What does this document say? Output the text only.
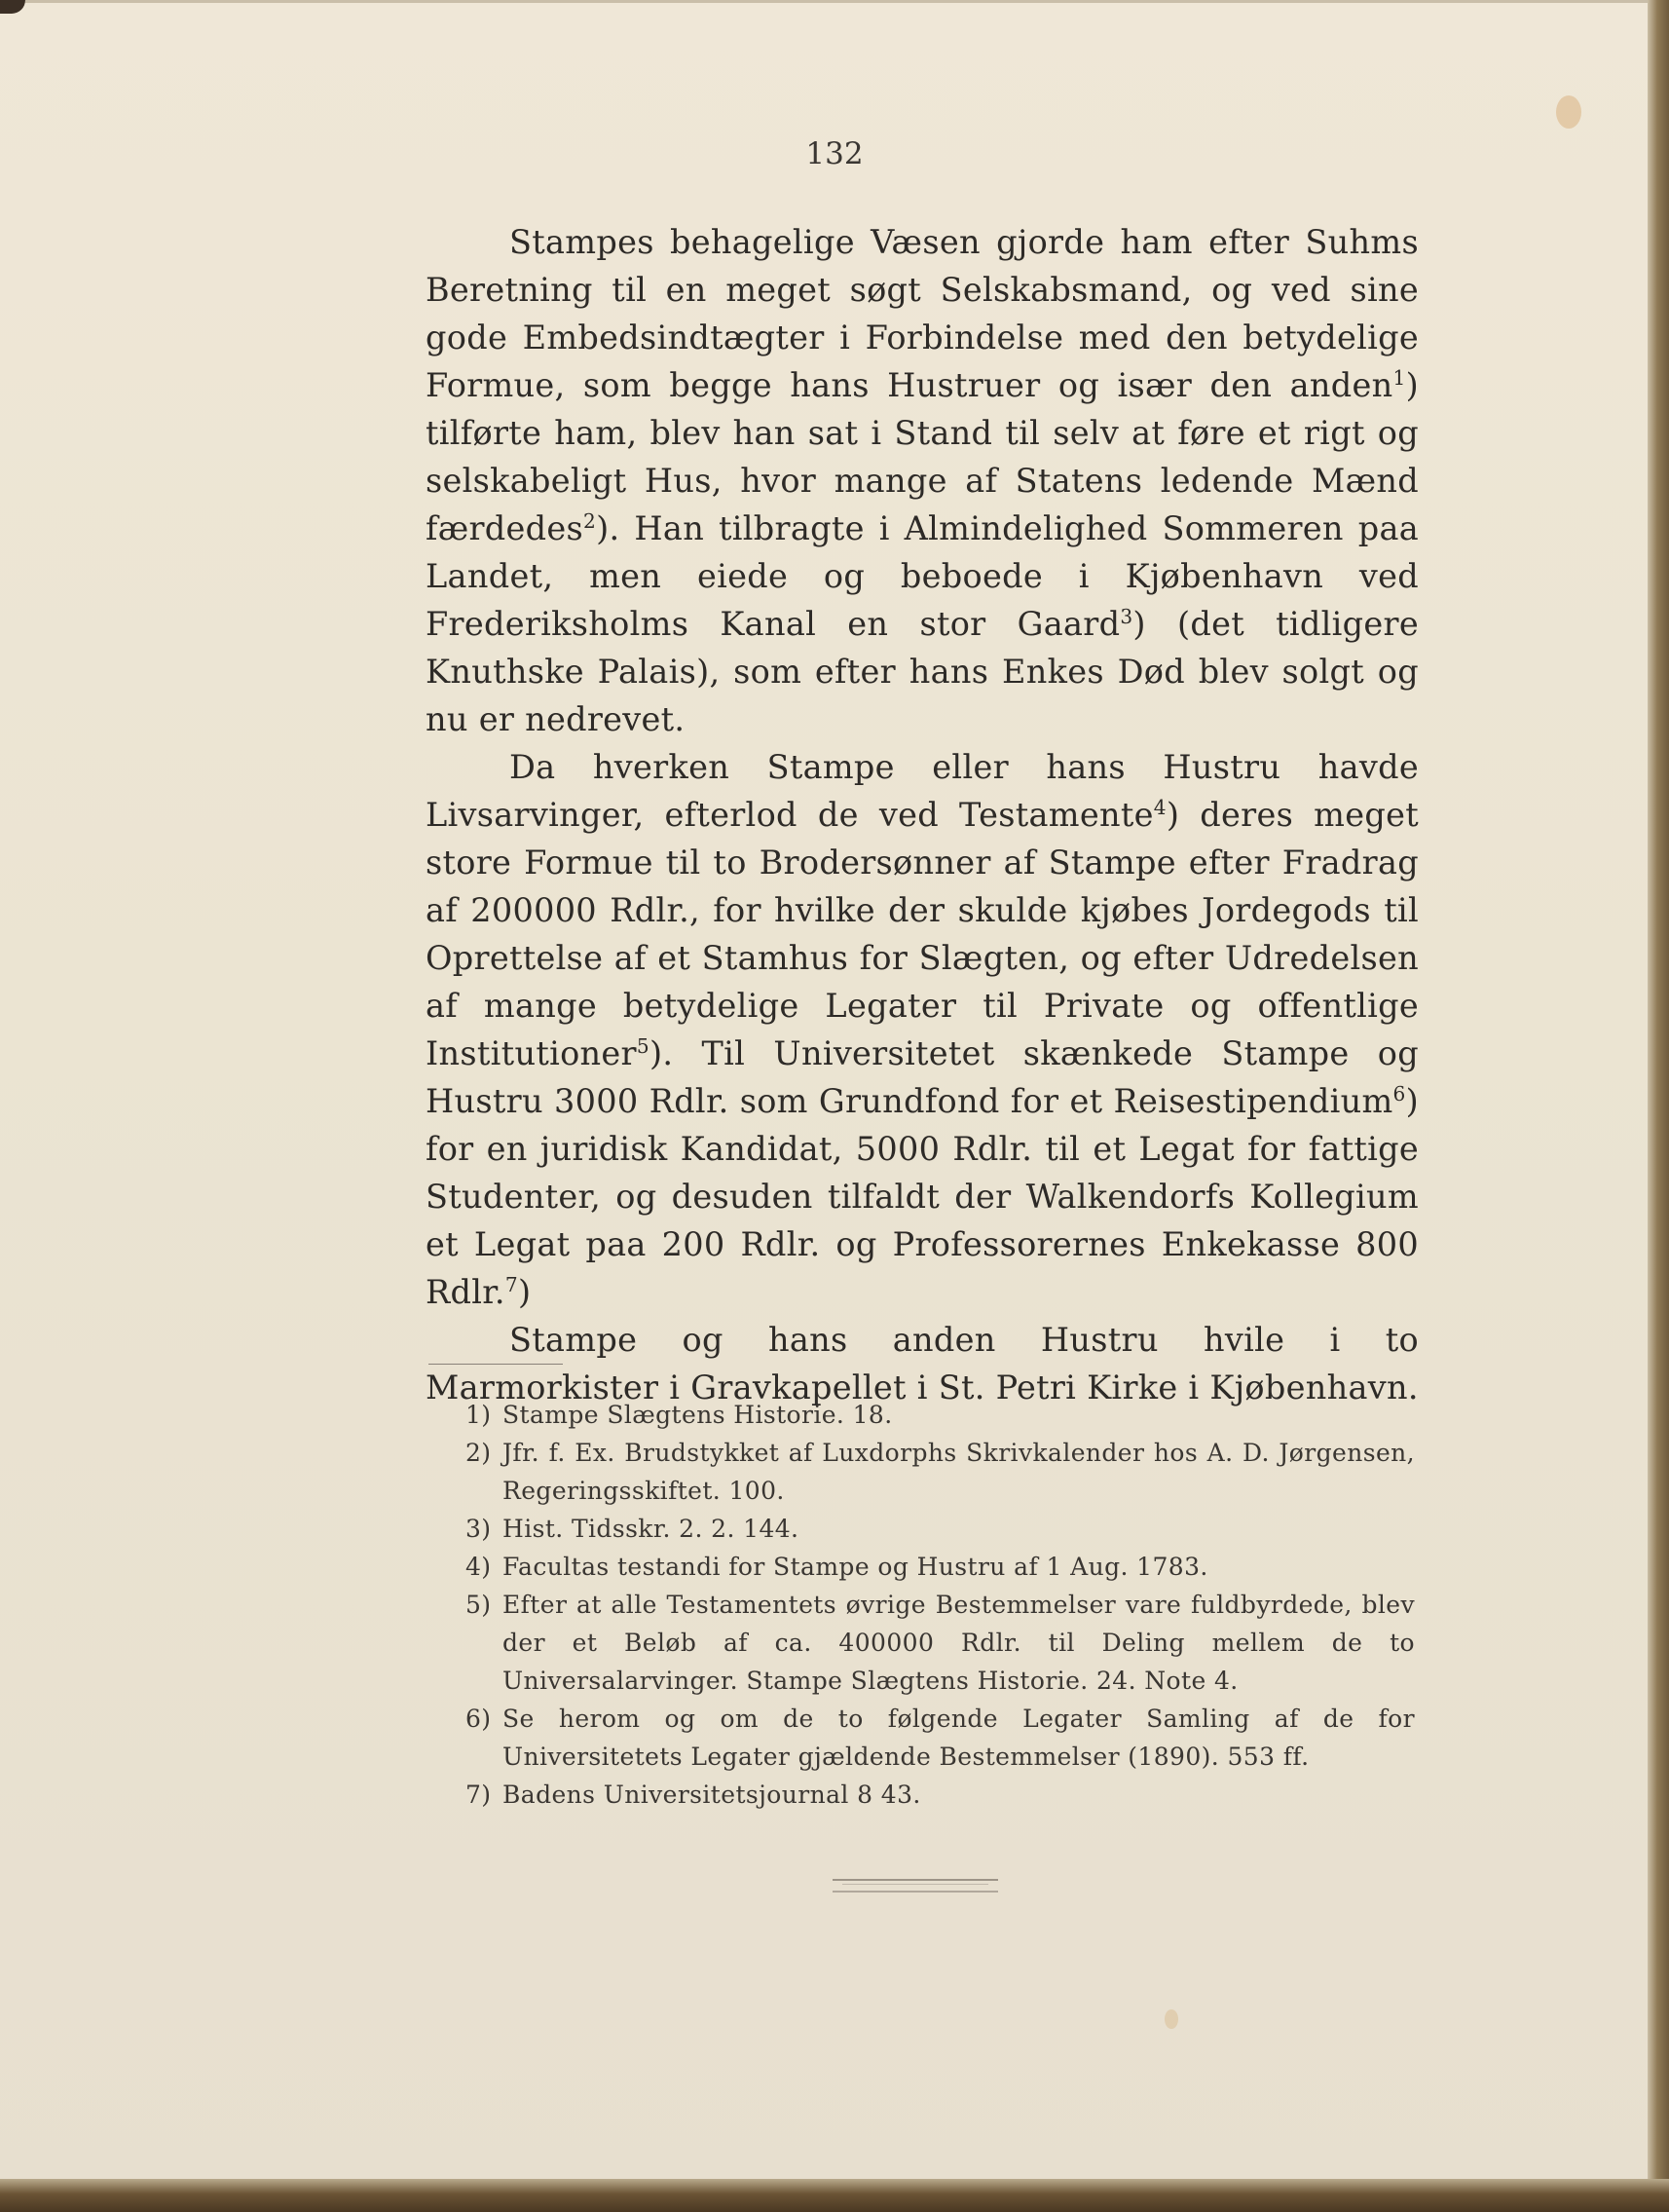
132

Stampes behagelige Væsen gjorde ham efter Suhms Beretning til en meget søgt Selskabsmand, og ved sine gode Embedsindtægter i Forbindelse med den betydelige Formue, som begge hans Hustruer og især den anden$^1$) tilførte ham, blev han sat i Stand til selv at føre et rigt og selskabeligt Hus, hvor mange af Statens ledende Mænd færdedes$^2$). Han tilbragte i Almindelighed Sommeren paa Landet, men eiede og beboede i Kjøbenhavn ved Frederiksholms Kanal en stor Gaard$^3$) (det tidligere Knuthske Palais), som efter hans Enkes Død blev solgt og nu er nedrevet.

Da hverken Stampe eller hans Hustru havde Livsarvinger, efterlod de ved Testamente$^4$) deres meget store Formue til to Brodersønner af Stampe efter Fradrag af 200000 Rdlr., for hvilke der skulde kjøbes Jordegods til Oprettelse af et Stamhus for Slægten, og efter Udredelsen af mange betydelige Legater til Private og offentlige Institutioner$^5$). Til Universitetet skænkede Stampe og Hustru 3000 Rdlr. som Grundfond for et Reisestipendium$^6$) for en juridisk Kandidat, 5000 Rdlr. til et Legat for fattige Studenter, og desuden tilfaldt der Walkendorfs Kollegium et Legat paa 200 Rdlr. og Professorernes Enkekasse 800 Rdlr.$^7$)

Stampe og hans anden Hustru hvile i to Marmorkister i Gravkapellet i St. Petri Kirke i Kjøbenhavn.

1) Stampe Slægtens Historie. 18.
2) Jfr. f. Ex. Brudstykket af Luxdorphs Skrivkalender hos A. D. Jørgensen, Regeringsskiftet. 100.
3) Hist. Tidsskr. 2. 2. 144.
4) Facultas testandi for Stampe og Hustru af 1 Aug. 1783.
5) Efter at alle Testamentets øvrige Bestemmelser vare fuldbyrdede, blev der et Beløb af ca. 400000 Rdlr. til Deling mellem de to Universalarvinger. Stampe Slægtens Historie. 24. Note 4.
6) Se herom og om de to følgende Legater Samling af de for Universitetets Legater gjældende Bestemmelser (1890). 553 ff.
7) Badens Universitetsjournal 8 43.
